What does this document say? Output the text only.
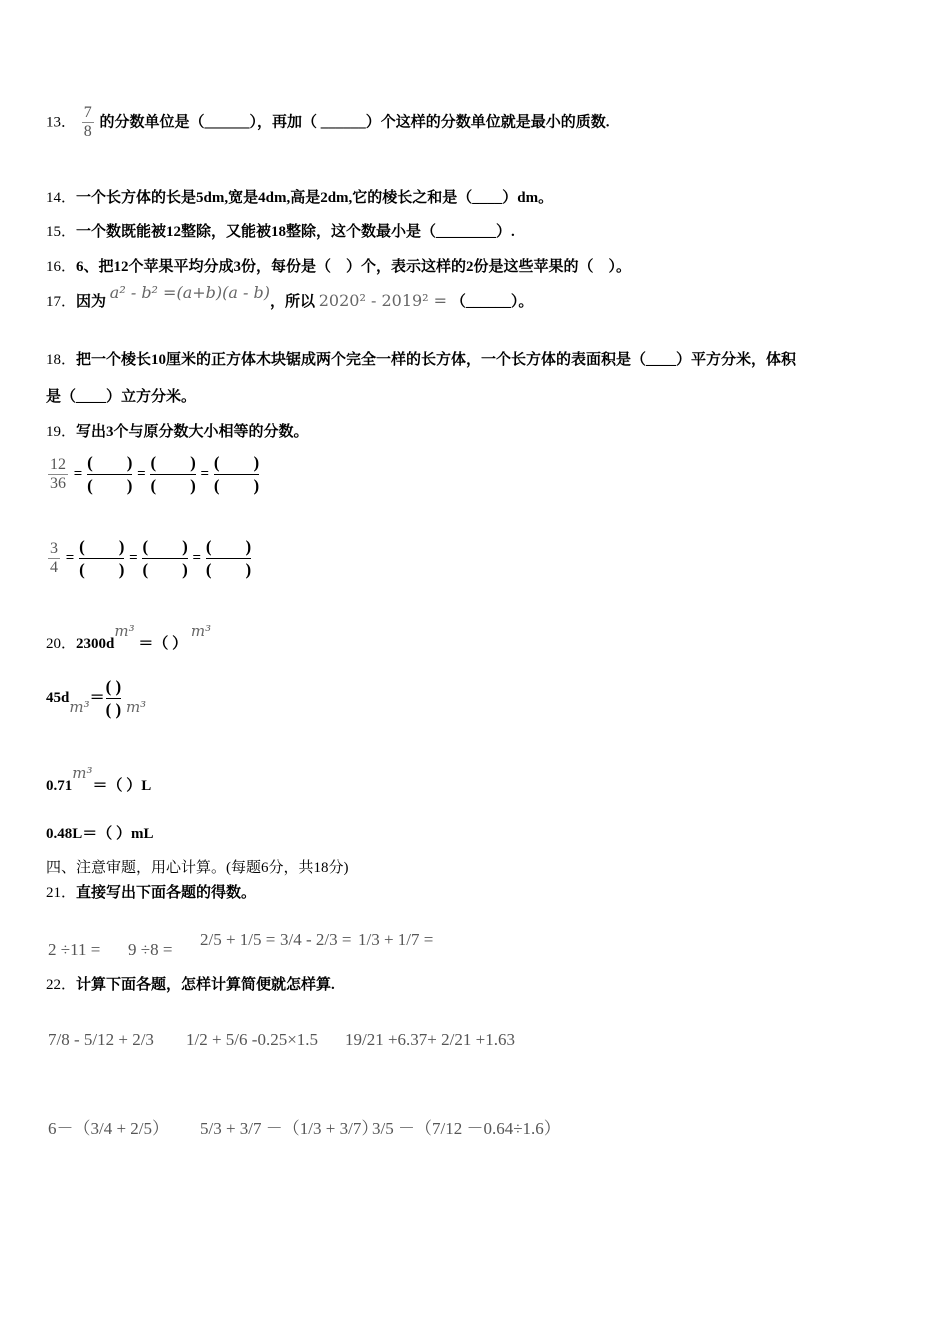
13． $\frac{7}{8}$ 的分数单位是（______），再加（ ______）个这样的分数单位就是最小的质数.
14．一个长方体的长是5dm,宽是4dm,高是2dm,它的棱长之和是（____）dm。
15．一个数既能被12整除，又能被18整除，这个数最小是（________）.
16．6、把12个苹果平均分成3份，每份是（　）个，表示这样的2份是这些苹果的（　）。
17．因为 a² - b² =(a+b)(a - b)，所以 2020² - 2019² = （______）。
18．把一个棱长10厘米的正方体木块锯成两个完全一样的长方体，一个长方体的表面积是（____）平方分米，体积
是（____）立方分米。
19．写出3个与原分数大小相等的分数。
$\frac{12}{36}$ =
(　　)
(　　)
=
(　　)
(　　)
=
(　　)
(　　)
$\frac{3}{4}$ =
(　　)
(　　)
=
(　　)
(　　)
=
(　　)
(　　)
20．2300dm³ ＝（ ） m³
45dm³＝
( )
( ) m³
0.71m³＝（ ）L
0.48L＝（ ）mL
四、注意审题，用心计算。(每题6分，共18分)
21．直接写出下面各题的得数。
2 ÷11 = 9 ÷8 =
2/5 + 1/5 = 3/4 - 2/3 = 1/3 + 1/7 =
22．计算下面各题，怎样计算简便就怎样算.
7/8 - 5/12 + 2/3 1/2 + 5/6 -0.25×1.5 19/21 +6.37+ 2/21 +1.63
6－（3/4 + 2/5） 5/3 + 3/7 －（1/3 + 3/7）
3/5 －（7/12 －0.64÷1.6）
